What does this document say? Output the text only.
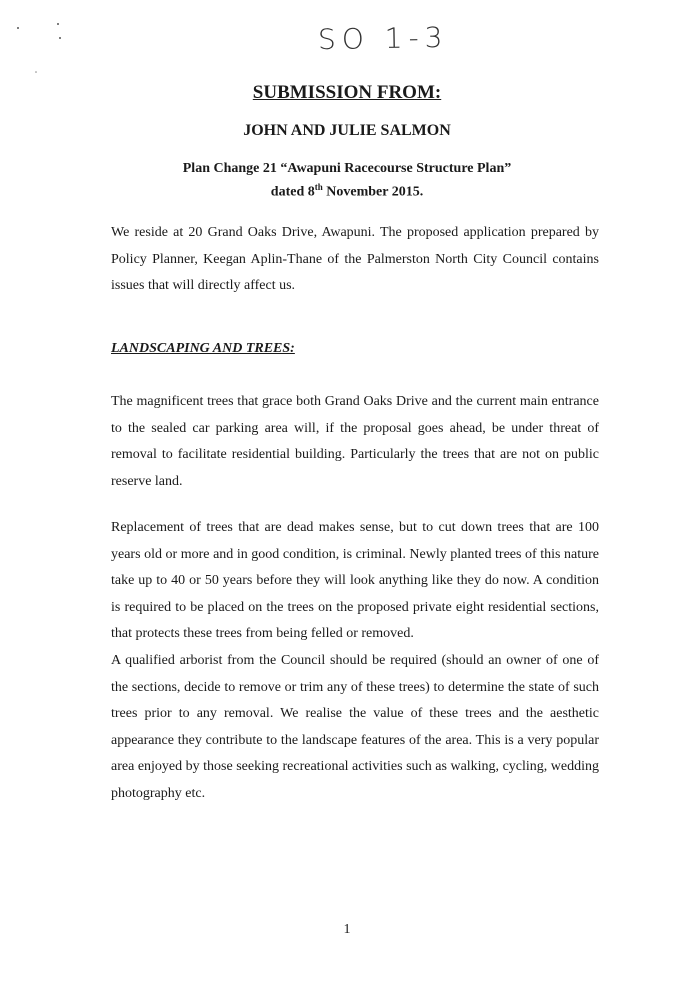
SO 1-3
SUBMISSION FROM:
JOHN AND JULIE SALMON
Plan Change 21 “Awapuni Racecourse Structure Plan”
dated 8th November 2015.

We reside at 20 Grand Oaks Drive, Awapuni. The proposed application prepared by Policy Planner, Keegan Aplin-Thane of the Palmerston North City Council contains issues that will directly affect us.

LANDSCAPING AND TREES:

The magnificent trees that grace both Grand Oaks Drive and the current main entrance to the sealed car parking area will, if the proposal goes ahead, be under threat of removal to facilitate residential building. Particularly the trees that are not on public reserve land.

Replacement of trees that are dead makes sense, but to cut down trees that are 100 years old or more and in good condition, is criminal. Newly planted trees of this nature take up to 40 or 50 years before they will look anything like they do now. A condition is required to be placed on the trees on the proposed private eight residential sections, that protects these trees from being felled or removed.

A qualified arborist from the Council should be required (should an owner of one of the sections, decide to remove or trim any of these trees) to determine the state of such trees prior to any removal. We realise the value of these trees and the aesthetic appearance they contribute to the landscape features of the area. This is a very popular area enjoyed by those seeking recreational activities such as walking, cycling, wedding photography etc.

1
